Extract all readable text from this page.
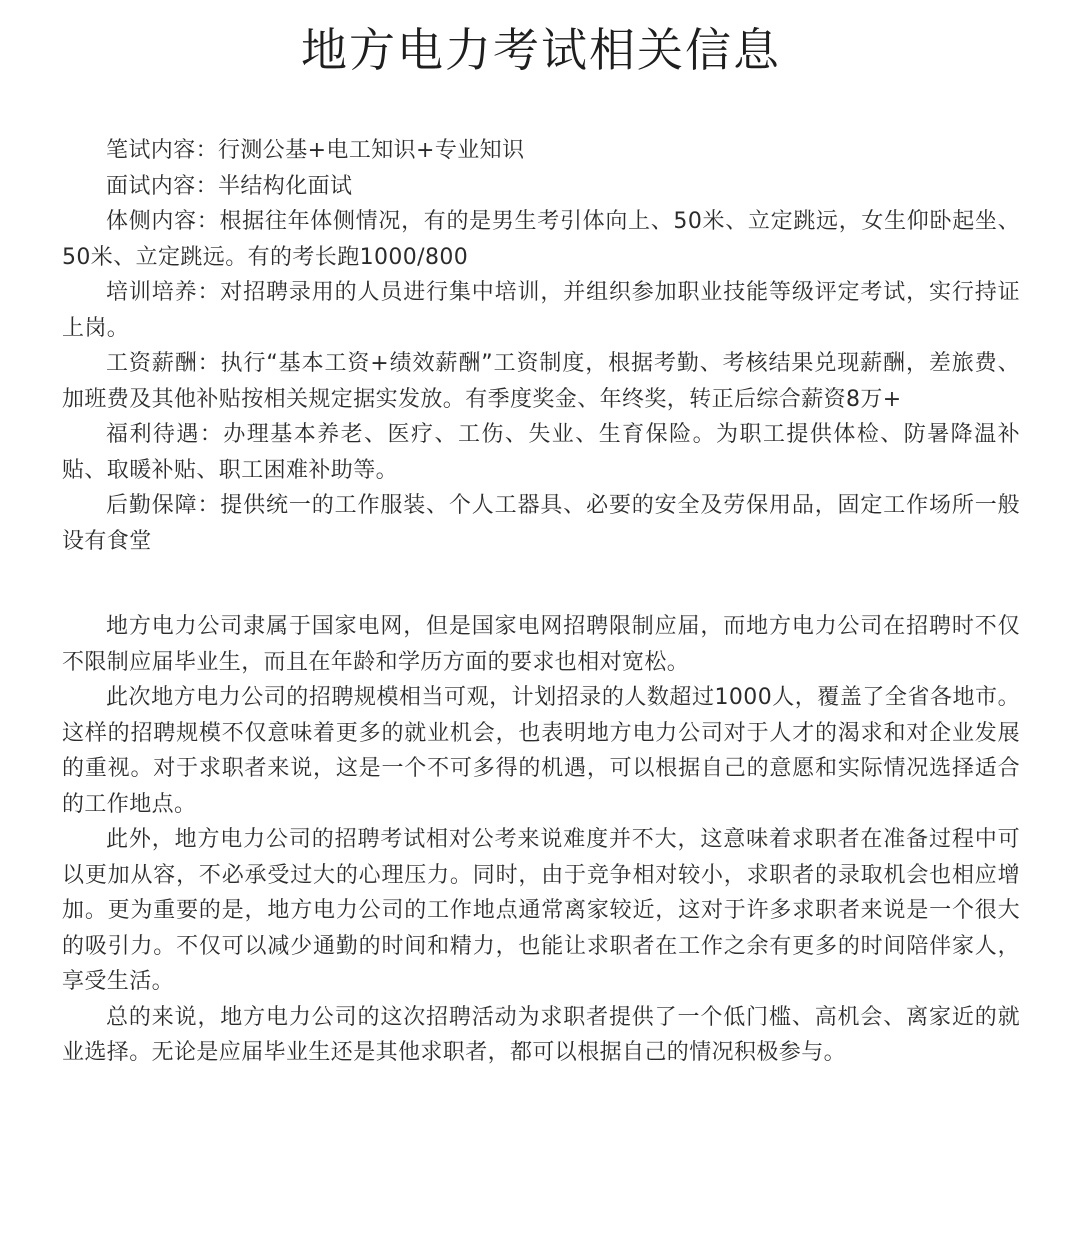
地方电力考试相关信息

笔试内容：行测公基+电工知识+专业知识

面试内容：半结构化面试

体侧内容：根据往年体侧情况，有的是男生考引体向上、50米、立定跳远，女生仰卧起坐、50米、立定跳远。有的考长跑1000/800

培训培养：对招聘录用的人员进行集中培训，并组织参加职业技能等级评定考试，实行持证上岗。

工资薪酬：执行“基本工资+绩效薪酬”工资制度，根据考勤、考核结果兑现薪酬，差旅费、加班费及其他补贴按相关规定据实发放。有季度奖金、年终奖，转正后综合薪资8万+

福利待遇：办理基本养老、医疗、工伤、失业、生育保险。为职工提供体检、防暑降温补贴、取暖补贴、职工困难补助等。

后勤保障：提供统一的工作服装、个人工器具、必要的安全及劳保用品，固定工作场所一般设有食堂

地方电力公司隶属于国家电网，但是国家电网招聘限制应届，而地方电力公司在招聘时不仅不限制应届毕业生，而且在年龄和学历方面的要求也相对宽松。

此次地方电力公司的招聘规模相当可观，计划招录的人数超过1000人，覆盖了全省各地市。这样的招聘规模不仅意味着更多的就业机会，也表明地方电力公司对于人才的渴求和对企业发展的重视。对于求职者来说，这是一个不可多得的机遇，可以根据自己的意愿和实际情况选择适合的工作地点。

此外，地方电力公司的招聘考试相对公考来说难度并不大，这意味着求职者在准备过程中可以更加从容，不必承受过大的心理压力。同时，由于竞争相对较小，求职者的录取机会也相应增加。更为重要的是，地方电力公司的工作地点通常离家较近，这对于许多求职者来说是一个很大的吸引力。不仅可以减少通勤的时间和精力，也能让求职者在工作之余有更多的时间陪伴家人，享受生活。

总的来说，地方电力公司的这次招聘活动为求职者提供了一个低门槛、高机会、离家近的就业选择。无论是应届毕业生还是其他求职者，都可以根据自己的情况积极参与。
